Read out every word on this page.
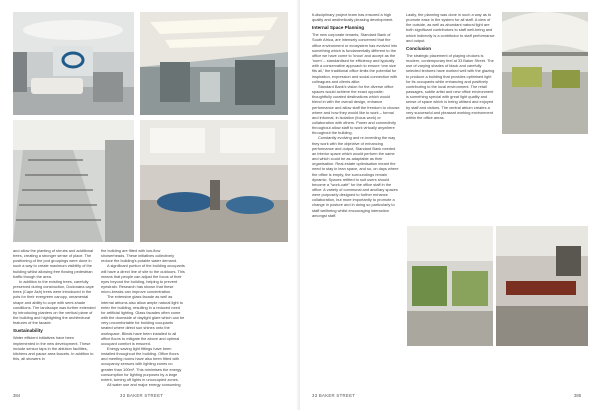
and allow the planting of shrubs and additional trees, creating a stronger sense of place. The positioning of the pod groupings were done in such a way to create maximum visibility of the building whilst allowing free flowing pedestrian traffic though the area.

In addition to the existing trees, carefully preserved during construction, Dodonaea cape trees (Cape Ash) trees were introduced in the pots for their evergreen canopy, ornamental shape and ability to cope with semi-shade conditions. The landscape was further extended by introducing planters on the vertical plane of the building and highlighting the architectural features of the facade.

Sustainability

Water efficient initiatives have been implemented in the new development. These include sensor taps in the ablution facilities, kitchens and pause area faucets. In addition to this, all showers in

the building are fitted with low-flow showerheads. These initiatives collectively reduce the building's potable water demand.

A significant portion of the building occupants will have a direct line of site to the outdoors. This means that people can adjust the focus of their eyes beyond the building, helping to prevent eyestrain. Research has shown that these micro-breaks can improve concentration.

The extensive glass facade as well as internal atriums also allow ample natural light to enter the building, resulting in a reduced need for artificial lighting. Glass facades often come with the downside of daylight glare which can be very uncomfortable for building occupants seated where direct sun shines onto the workspace. Blinds have been installed to all office floors to mitigate the above and optimal occupant comfort is ensured.

Energy saving light fittings have been installed throughout the building. Office floors and meeting rooms have also been fitted with occupancy sensors with lighting zones no greater than 100m². This minimises the energy consumption for lighting purposes by a large extent, turning off lights in unoccupied zones.

All water use and major energy consuming

384	33 BAKER STREET

ti-disciplinary project team has ensured a high quality and aesthetically pleasing development.

Internal Space Planning

The new corporate tenants, Standard Bank of South Africa, are intensely concerned that the office environment or ecosystem has evolved into something which is fundamentally different to the office we have come to 'know' and accept as the 'norm' – standardised for efficiency and typically with a conservative approach to ensure 'one size fits all,' the traditional office limits the potential for inspiration, expression and social connection with colleagues and clients alike.

Standard Bank's vision for the diverse office spaces would achieve the exact opposite: thoughtfully curated destinations which would blend in with the overall design, enhance performance and allow staff the freedom to choose where and how they would like to work – formal and informal, in isolation (focus work) or collaboration with others. Power and connectivity throughout allow staff to work virtually anywhere throughout the building.

Constantly evolving and re-inventing the way they work with the objective of enhancing performance and output, Standard Bank needed an interior space which would perform the same and which could be as adaptable as their organisation. Real-estate optimisation meant the need to stay in lean space, and so, on days where the office is empty, the surroundings remain dynamic. Spaces refitted to suit users should become a "work-café" for the office staff in the office. A variety of communal and ancillary spaces were purposely designed to further enhance collaboration, but more importantly to promote a change in posture and in doing so particularly to staff wellbeing whilst encouraging interaction amongst staff.

Lastly, the planning was done in such a way as to promote ease in the system for all staff. A view of the outside, as well as abundant natural light are both significant contributors to staff well-being and which indirectly is a contributor to staff performance and output.

Conclusion

The strategic placement of playing choices is modern, contemporary feel at 33 Baker Street. The use of varying shades of black and carefully selected textures have worked well with the glazing to produce a building that provides optimised light for its occupants while enhancing and positively contributing to the local environment. The retail passages, subtle artist and new office environment is something special with great light quality and sense of space which is being utilised and enjoyed by staff and visitors. The central atrium creates a very successful and pleasant working environment within the office areas.

33 BAKER STREET	385
